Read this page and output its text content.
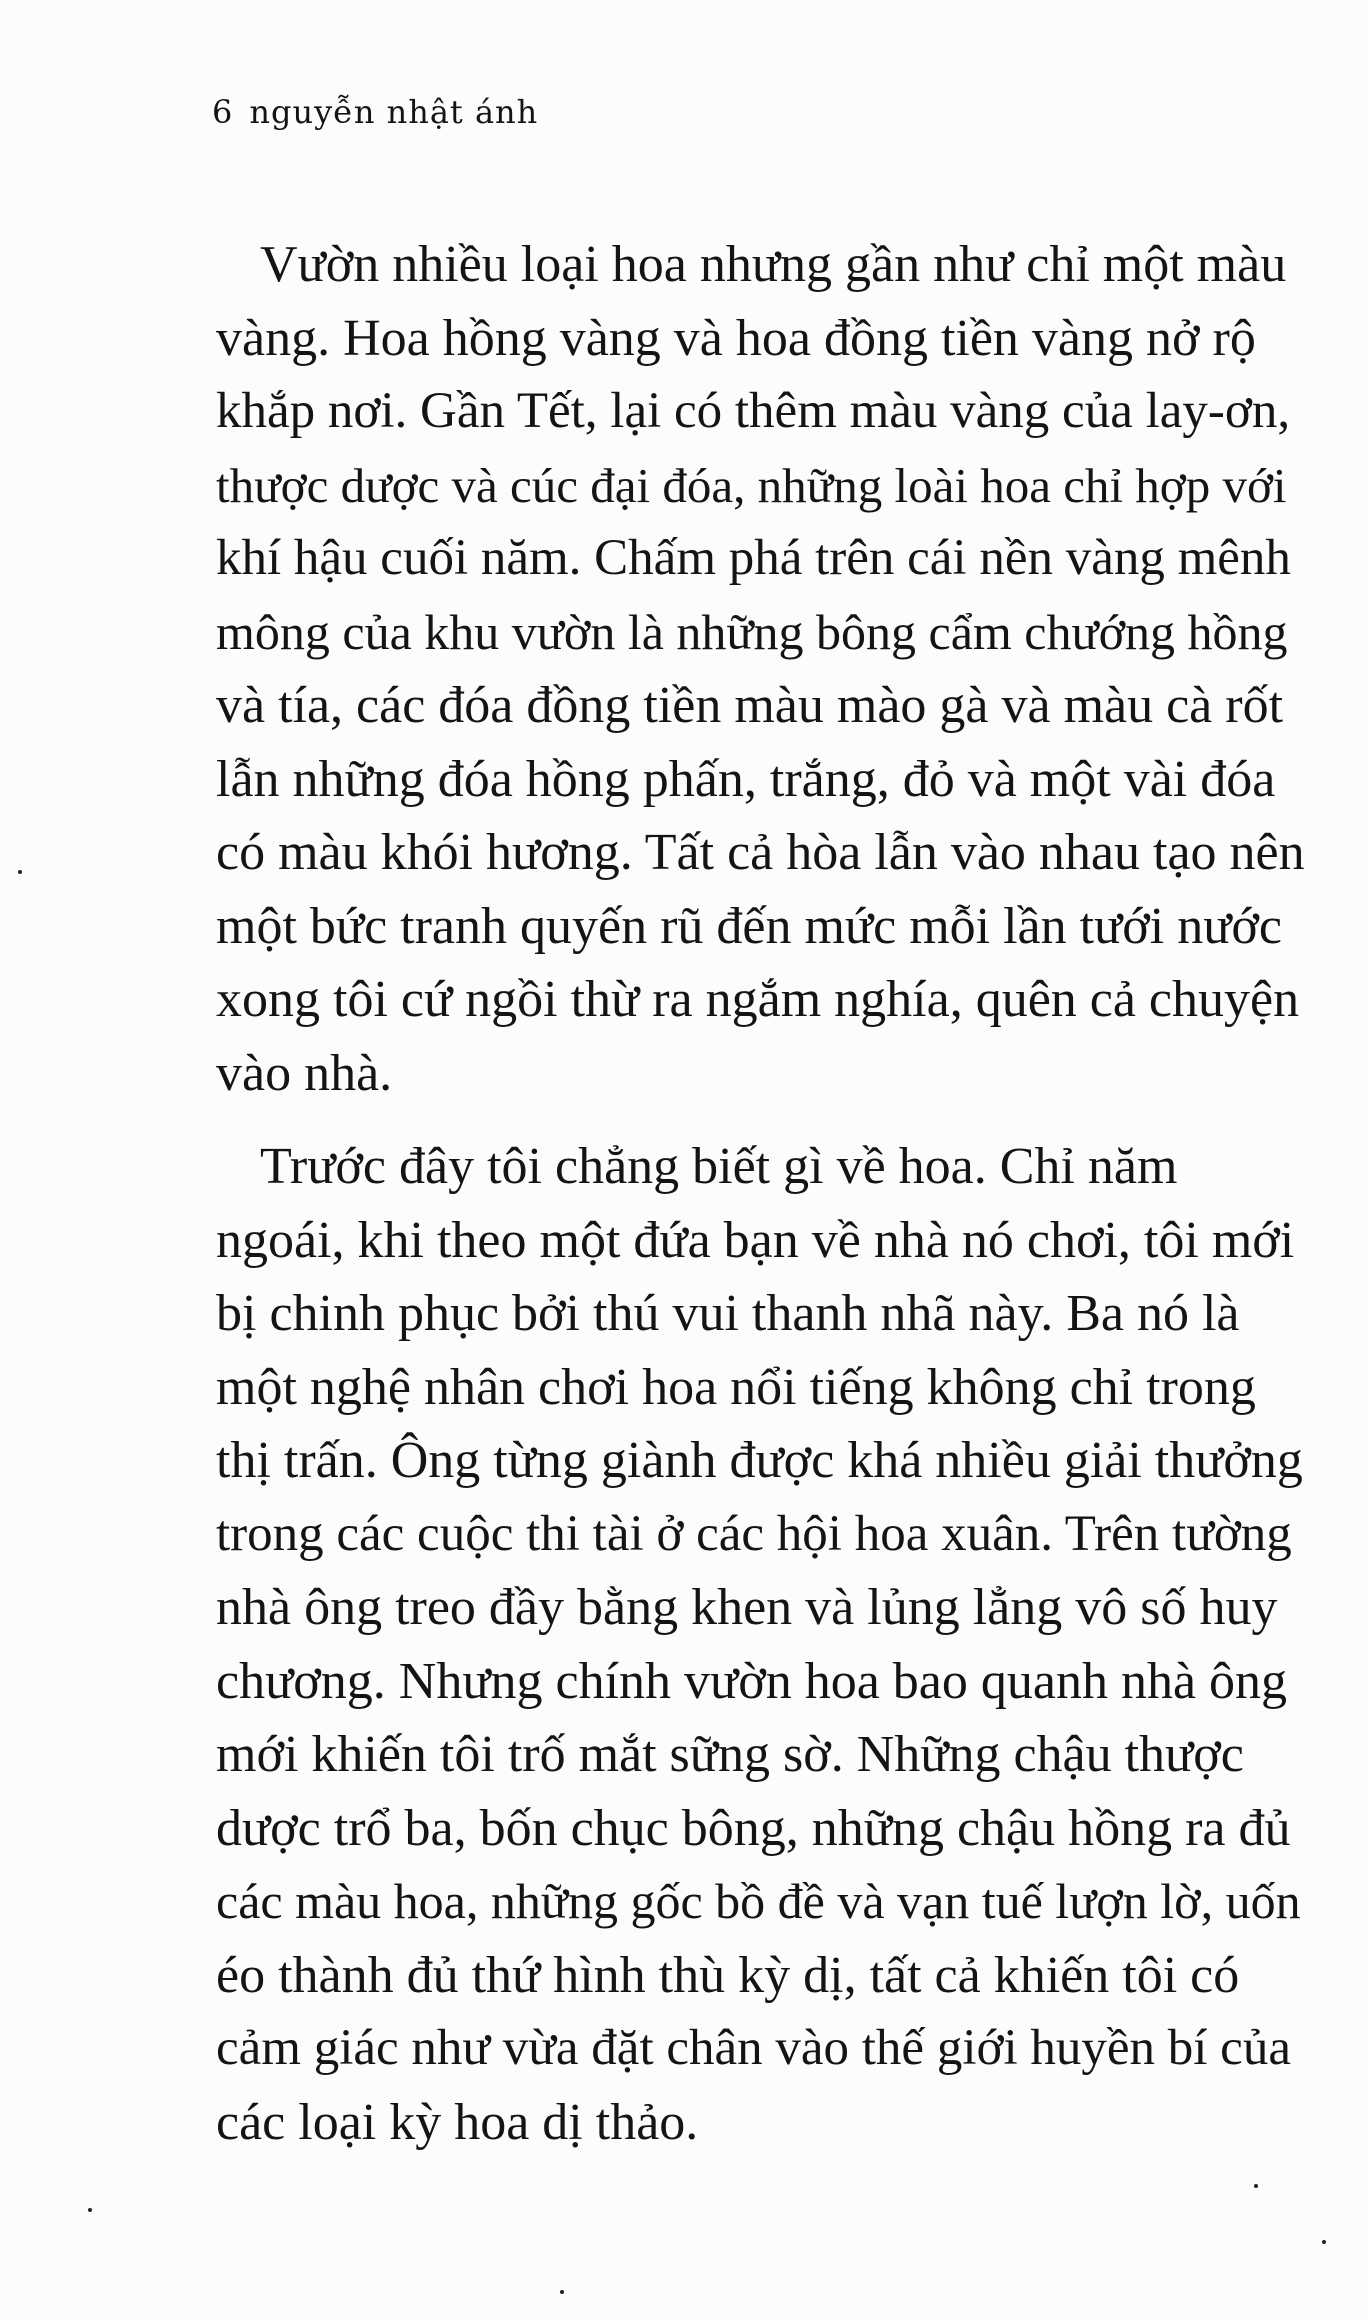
6 nguyễn nhật ánh
Vườn nhiều loại hoa nhưng gần như chỉ một màu
vàng. Hoa hồng vàng và hoa đồng tiền vàng nở rộ
khắp nơi. Gần Tết, lại có thêm màu vàng của lay-ơn,
thược dược và cúc đại đóa, những loài hoa chỉ hợp với
khí hậu cuối năm. Chấm phá trên cái nền vàng mênh
mông của khu vườn là những bông cẩm chướng hồng
và tía, các đóa đồng tiền màu mào gà và màu cà rốt
lẫn những đóa hồng phấn, trắng, đỏ và một vài đóa
có màu khói hương. Tất cả hòa lẫn vào nhau tạo nên
một bức tranh quyến rũ đến mức mỗi lần tưới nước
xong tôi cứ ngồi thừ ra ngắm nghía, quên cả chuyện
vào nhà.
Trước đây tôi chẳng biết gì về hoa. Chỉ năm
ngoái, khi theo một đứa bạn về nhà nó chơi, tôi mới
bị chinh phục bởi thú vui thanh nhã này. Ba nó là
một nghệ nhân chơi hoa nổi tiếng không chỉ trong
thị trấn. Ông từng giành được khá nhiều giải thưởng
trong các cuộc thi tài ở các hội hoa xuân. Trên tường
nhà ông treo đầy bằng khen và lủng lẳng vô số huy
chương. Nhưng chính vườn hoa bao quanh nhà ông
mới khiến tôi trố mắt sững sờ. Những chậu thược
dược trổ ba, bốn chục bông, những chậu hồng ra đủ
các màu hoa, những gốc bồ đề và vạn tuế lượn lờ, uốn
éo thành đủ thứ hình thù kỳ dị, tất cả khiến tôi có
cảm giác như vừa đặt chân vào thế giới huyền bí của
các loại kỳ hoa dị thảo.
